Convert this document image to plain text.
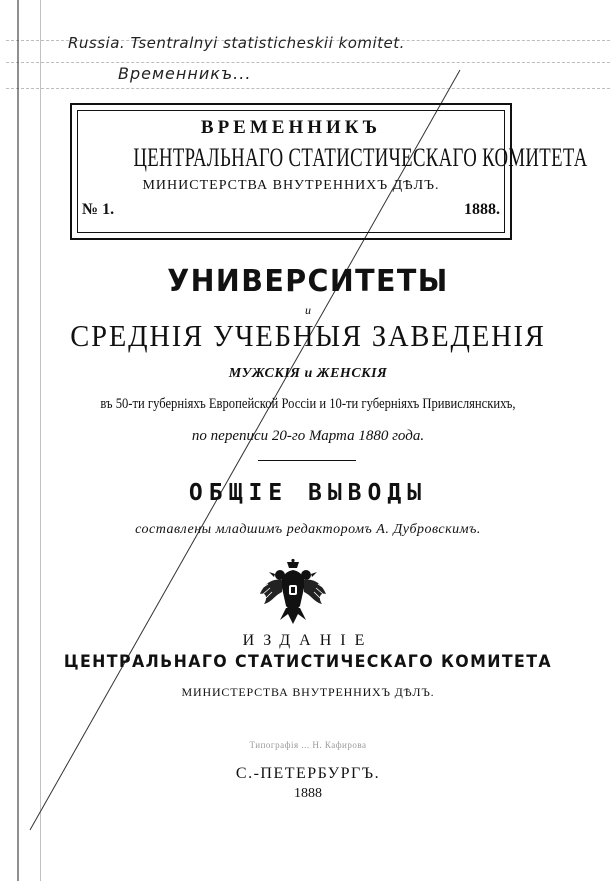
Russia. Tsentralnyi statisticheskii komitet.
Временникъ...
ВРЕМЕННИКЪ
ЦЕНТРАЛЬНАГО СТАТИСТИЧЕСКАГО КОМИТЕТА
МИНИСТЕРСТВА ВНУТРЕННИХЪ ДѢЛЪ.
№ 1.	1888.
УНИВЕРСИТЕТЫ
и
СРЕДНІЯ УЧЕБНЫЯ ЗАВЕДЕНІЯ
МУЖСКІЯ и ЖЕНСКІЯ
въ 50-ти губерніяхъ Европейской Россіи и 10-ти губерніяхъ Привислянскихъ,
по переписи 20-го Марта 1880 года.
ОБЩІЕ ВЫВОДЫ
составлены младшимъ редакторомъ А. Дубровскимъ.
ИЗДАНІЕ
ЦЕНТРАЛЬНАГО СТАТИСТИЧЕСКАГО КОМИТЕТА
МИНИСТЕРСТВА ВНУТРЕННИХЪ ДѢЛЪ.
Типографія ... Н. Кафирова
С.-ПЕТЕРБУРГЪ.
1888
